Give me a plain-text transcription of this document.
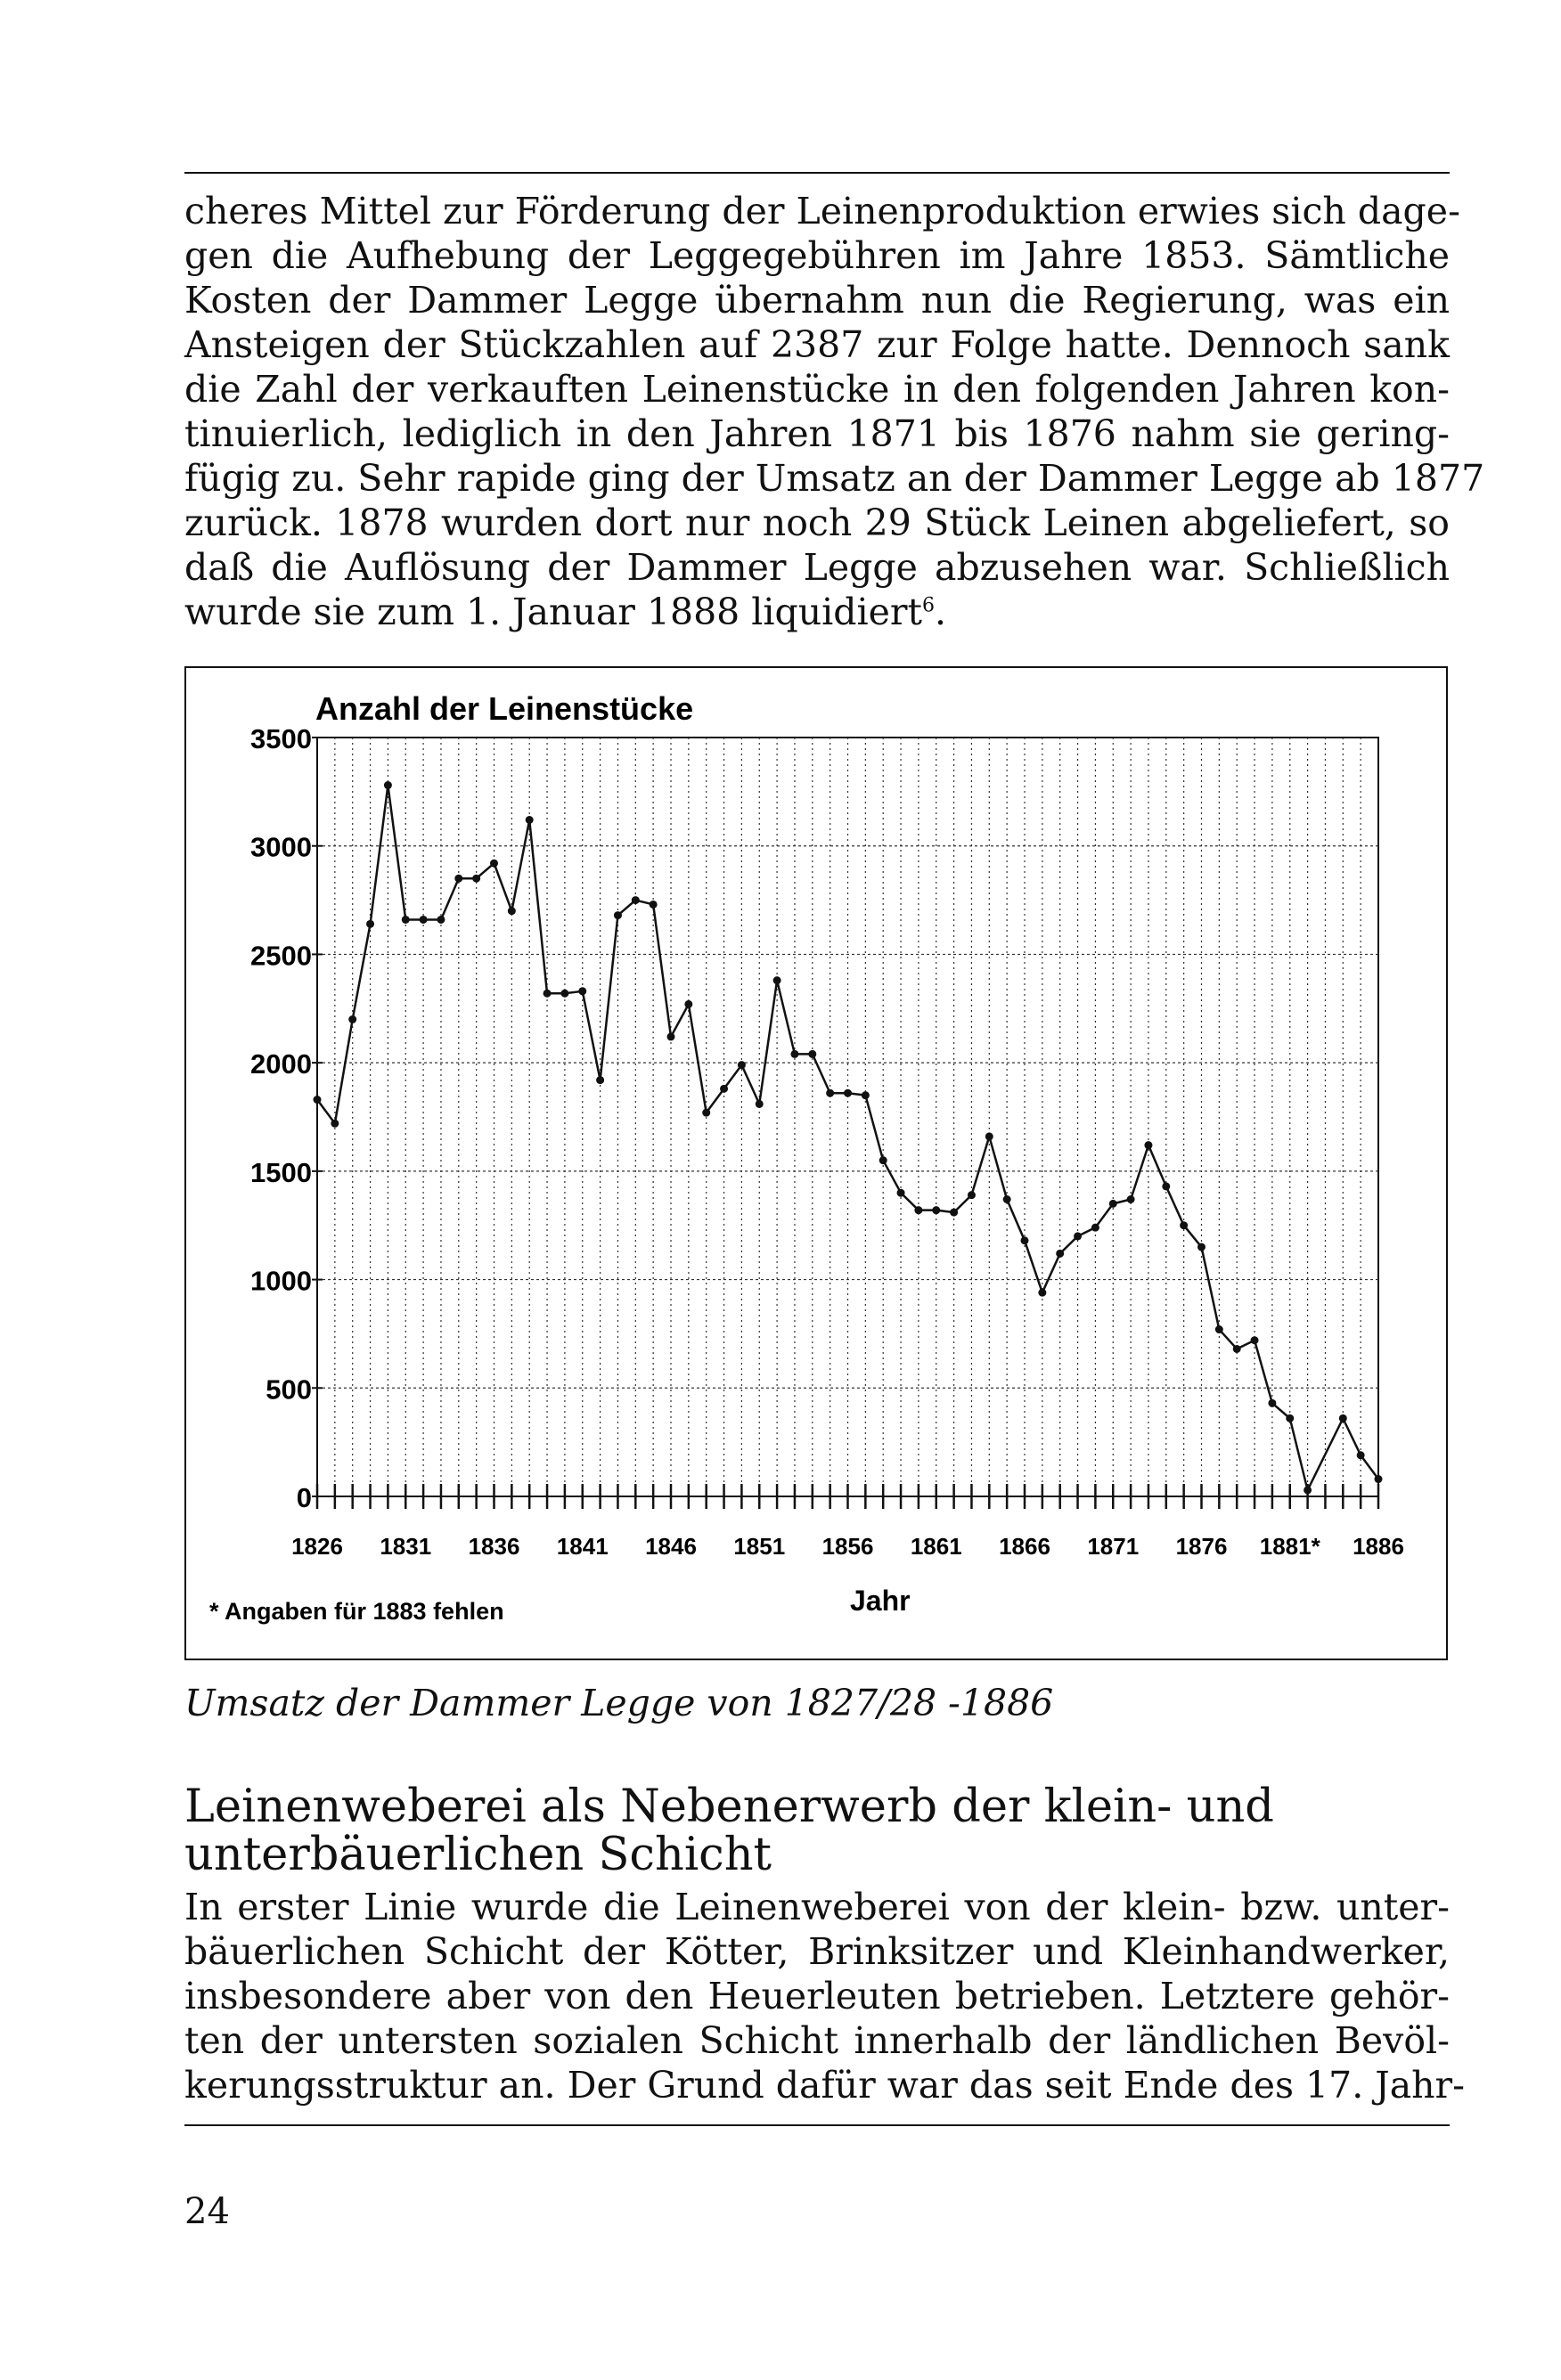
cheres Mittel zur Förderung der Leinenproduktion erwies sich dage-
gen die Aufhebung der Leggegebühren im Jahre 1853. Sämtliche
Kosten der Dammer Legge übernahm nun die Regierung, was ein
Ansteigen der Stückzahlen auf 2387 zur Folge hatte. Dennoch sank
die Zahl der verkauften Leinenstücke in den folgenden Jahren kon-
tinuierlich, lediglich in den Jahren 1871 bis 1876 nahm sie gering-
fügig zu. Sehr rapide ging der Umsatz an der Dammer Legge ab 1877
zurück. 1878 wurden dort nur noch 29 Stück Leinen abgeliefert, so
daß die Auflösung der Dammer Legge abzusehen war. Schließlich
wurde sie zum 1. Januar 1888 liquidiert$^6$.
Anzahl der Leinenstücke
0
500
1000
1500
2000
2500
3000
3500
1826 1831 1836 1841 1846 1851 1856 1861 1866 1871 1876 1881* 1886
Jahr
* Angaben für 1883 fehlen

Umsatz der Dammer Legge von 1827/28 -1886

Leinenweberei als Nebenerwerb der klein- und
unterbäuerlichen Schicht
In erster Linie wurde die Leinenweberei von der klein- bzw. unter-
bäuerlichen Schicht der Kötter, Brinksitzer und Kleinhandwerker,
insbesondere aber von den Heuerleuten betrieben. Letztere gehör-
ten der untersten sozialen Schicht innerhalb der ländlichen Bevöl-
kerungsstruktur an. Der Grund dafür war das seit Ende des 17. Jahr-
24
